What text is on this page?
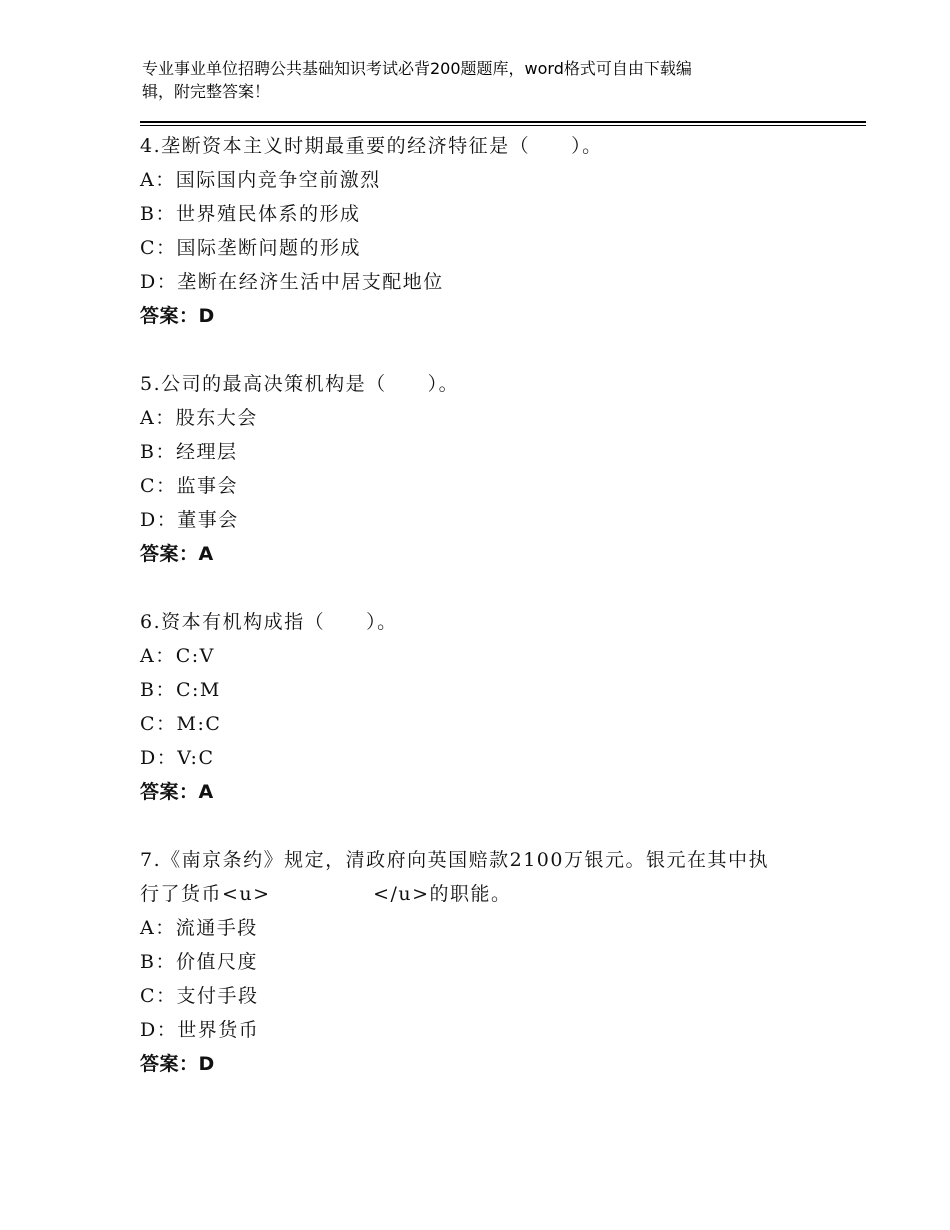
专业事业单位招聘公共基础知识考试必背200题题库，word格式可自由下载编
辑，附完整答案！
4.垄断资本主义时期最重要的经济特征是（　　）。
A：国际国内竞争空前激烈
B：世界殖民体系的形成
C：国际垄断问题的形成
D：垄断在经济生活中居支配地位
答案：D
5.公司的最高决策机构是（　　）。
A：股东大会
B：经理层
C：监事会
D：董事会
答案：A
6.资本有机构成指（　　）。
A：C:V
B：C:M
C：M:C
D：V:C
答案：A
7.《南京条约》规定，清政府向英国赔款2100万银元。银元在其中执
行了货币<u>　　　　　</u>的职能。
A：流通手段
B：价值尺度
C：支付手段
D：世界货币
答案：D
